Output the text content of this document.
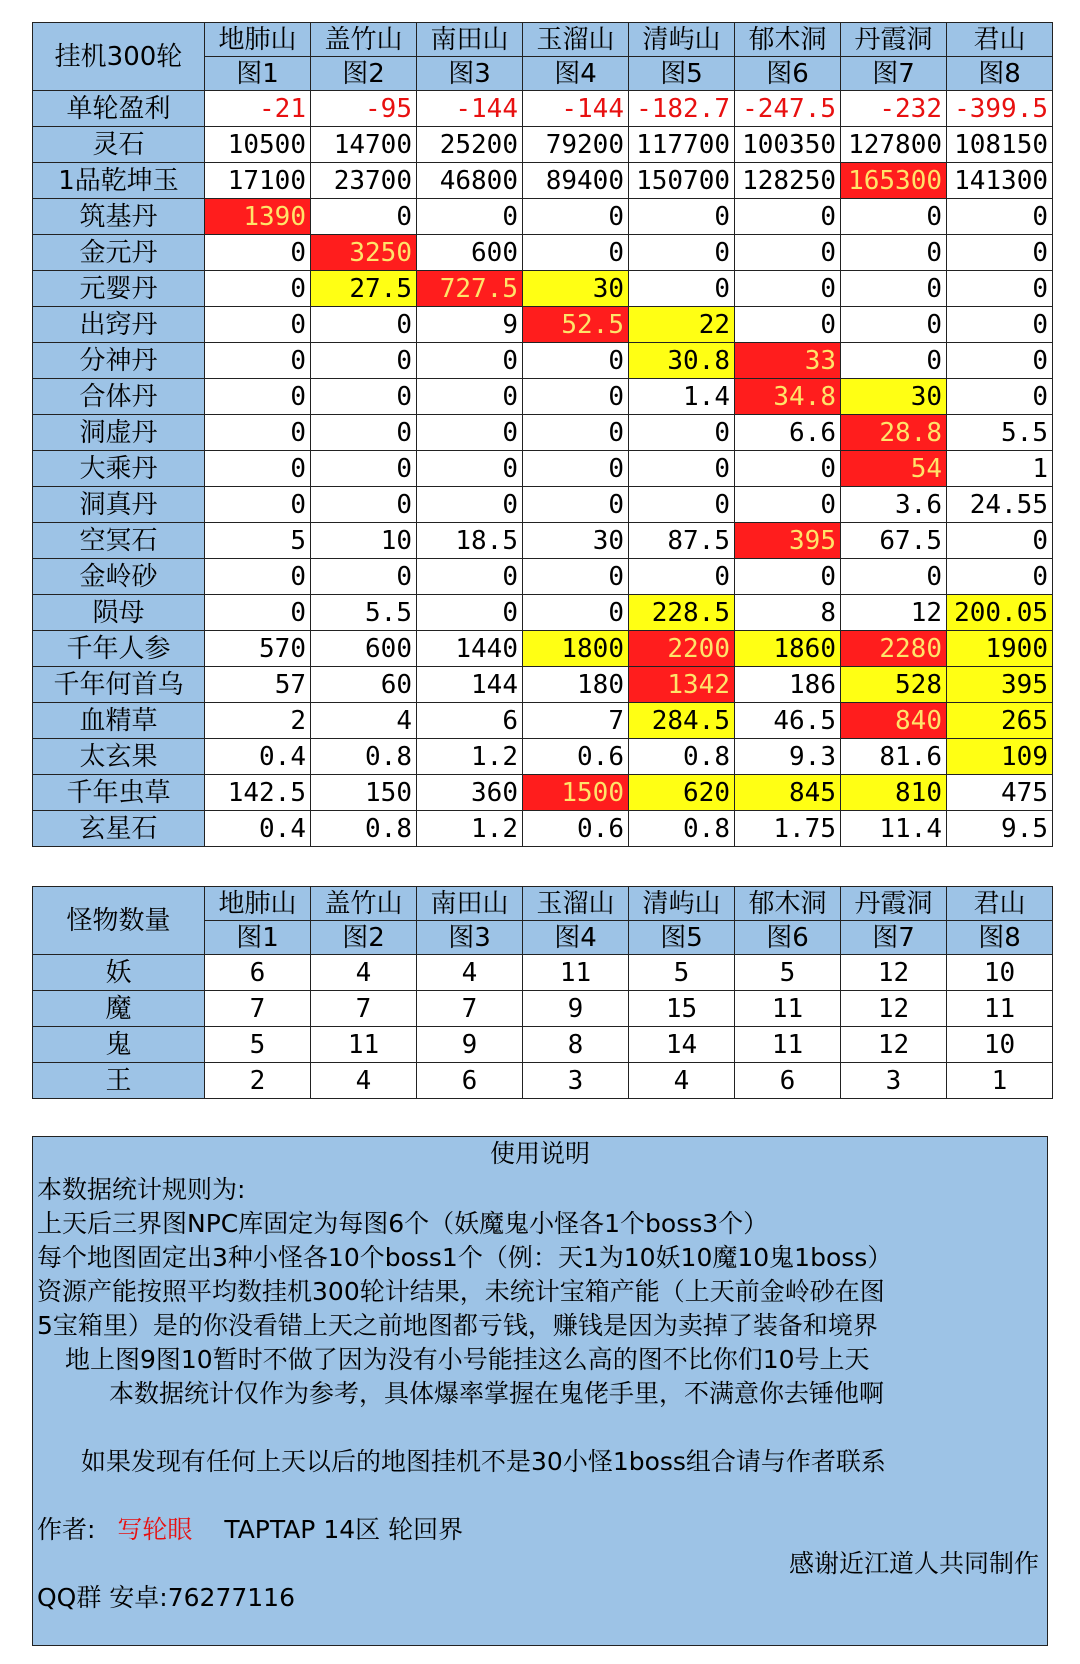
挂机300轮	地肺山	盖竹山	南田山	玉溜山	清屿山	郁木洞	丹霞洞	君山
	图1	图2	图3	图4	图5	图6	图7	图8
单轮盈利	-21	-95	-144	-144	-182.7	-247.5	-232	-399.5
灵石	10500	14700	25200	79200	117700	100350	127800	108150
1品乾坤玉	17100	23700	46800	89400	150700	128250	165300	141300
筑基丹	1390	0	0	0	0	0	0	0
金元丹	0	3250	600	0	0	0	0	0
元婴丹	0	27.5	727.5	30	0	0	0	0
出窍丹	0	0	9	52.5	22	0	0	0
分神丹	0	0	0	0	30.8	33	0	0
合体丹	0	0	0	0	1.4	34.8	30	0
洞虚丹	0	0	0	0	0	6.6	28.8	5.5
大乘丹	0	0	0	0	0	0	54	1
洞真丹	0	0	0	0	0	0	3.6	24.55
空冥石	5	10	18.5	30	87.5	395	67.5	0
金岭砂	0	0	0	0	0	0	0	0
陨母	0	5.5	0	0	228.5	8	12	200.05
千年人参	570	600	1440	1800	2200	1860	2280	1900
千年何首乌	57	60	144	180	1342	186	528	395
血精草	2	4	6	7	284.5	46.5	840	265
太玄果	0.4	0.8	1.2	0.6	0.8	9.3	81.6	109
千年虫草	142.5	150	360	1500	620	845	810	475
玄星石	0.4	0.8	1.2	0.6	0.8	1.75	11.4	9.5
怪物数量	地肺山	盖竹山	南田山	玉溜山	清屿山	郁木洞	丹霞洞	君山
	图1	图2	图3	图4	图5	图6	图7	图8
妖	6	4	4	11	5	5	12	10
魔	7	7	7	9	15	11	12	11
鬼	5	11	9	8	14	11	12	10
王	2	4	6	3	4	6	3	1
使用说明
本数据统计规则为:
上天后三界图NPC库固定为每图6个（妖魔鬼小怪各1个boss3个）
每个地图固定出3种小怪各10个boss1个（例：天1为10妖10魔10鬼1boss）
资源产能按照平均数挂机300轮计结果，未统计宝箱产能（上天前金岭砂在图
5宝箱里）是的你没看错上天之前地图都亏钱，赚钱是因为卖掉了装备和境界
地上图9图10暂时不做了因为没有小号能挂这么高的图不比你们10号上天
本数据统计仅作为参考，具体爆率掌握在鬼佬手里，不满意你去锤他啊
如果发现有任何上天以后的地图挂机不是30小怪1boss组合请与作者联系
作者: 写轮眼 TAPTAP 14区 轮回界
感谢近江道人共同制作
QQ群 安卓:76277116
